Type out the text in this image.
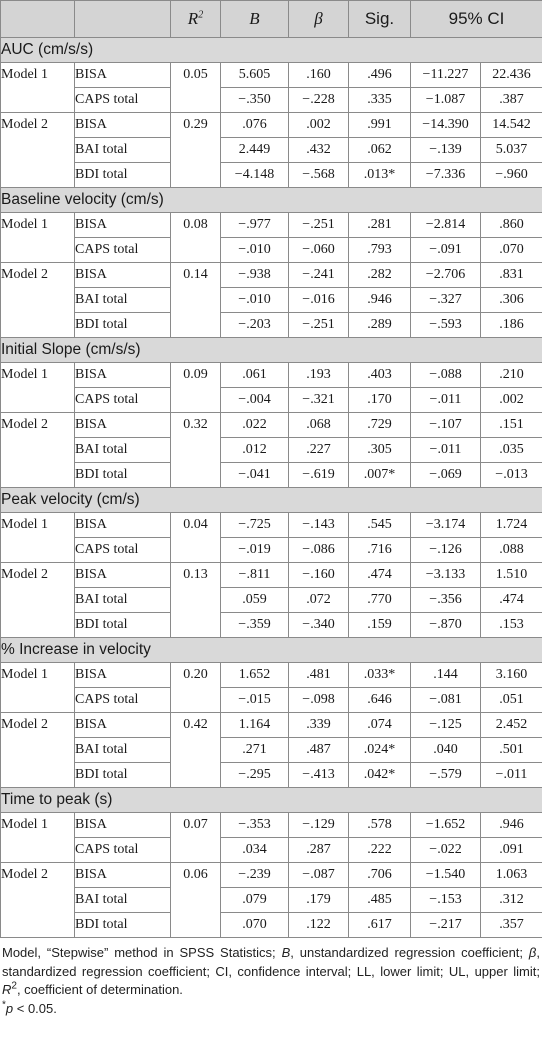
		$R^2$	B	β	Sig.	95% CI	
AUC (cm/s/s)							
Model 1	BISA	0.05	5.605	.160	.496	−11.227	22.436
	CAPS total		−.350	−.228	.335	−1.087	.387
Model 2	BISA	0.29	.076	.002	.991	−14.390	14.542
	BAI total		2.449	.432	.062	−.139	5.037
	BDI total		−4.148	−.568	.013*	−7.336	−.960
Baseline velocity (cm/s)							
Model 1	BISA	0.08	−.977	−.251	.281	−2.814	.860
	CAPS total		−.010	−.060	.793	−.091	.070
Model 2	BISA	0.14	−.938	−.241	.282	−2.706	.831
	BAI total		−.010	−.016	.946	−.327	.306
	BDI total		−.203	−.251	.289	−.593	.186
Initial Slope (cm/s/s)							
Model 1	BISA	0.09	.061	.193	.403	−.088	.210
	CAPS total		−.004	−.321	.170	−.011	.002
Model 2	BISA	0.32	.022	.068	.729	−.107	.151
	BAI total		.012	.227	.305	−.011	.035
	BDI total		−.041	−.619	.007*	−.069	−.013
Peak velocity (cm/s)							
Model 1	BISA	0.04	−.725	−.143	.545	−3.174	1.724
	CAPS total		−.019	−.086	.716	−.126	.088
Model 2	BISA	0.13	−.811	−.160	.474	−3.133	1.510
	BAI total		.059	.072	.770	−.356	.474
	BDI total		−.359	−.340	.159	−.870	.153
% Increase in velocity							
Model 1	BISA	0.20	1.652	.481	.033*	.144	3.160
	CAPS total		−.015	−.098	.646	−.081	.051
Model 2	BISA	0.42	1.164	.339	.074	−.125	2.452
	BAI total		.271	.487	.024*	.040	.501
	BDI total		−.295	−.413	.042*	−.579	−.011
Time to peak (s)							
Model 1	BISA	0.07	−.353	−.129	.578	−1.652	.946
	CAPS total		.034	.287	.222	−.022	.091
Model 2	BISA	0.06	−.239	−.087	.706	−1.540	1.063
	BAI total		.079	.179	.485	−.153	.312
	BDI total		.070	.122	.617	−.217	.357

Model, “Stepwise” method in SPSS Statistics; B, unstandardized regression coefficient; β, standardized regression coefficient; CI, confidence interval; LL, lower limit; UL, upper limit; $R^2$, coefficient of determination.

*p < 0.05.
